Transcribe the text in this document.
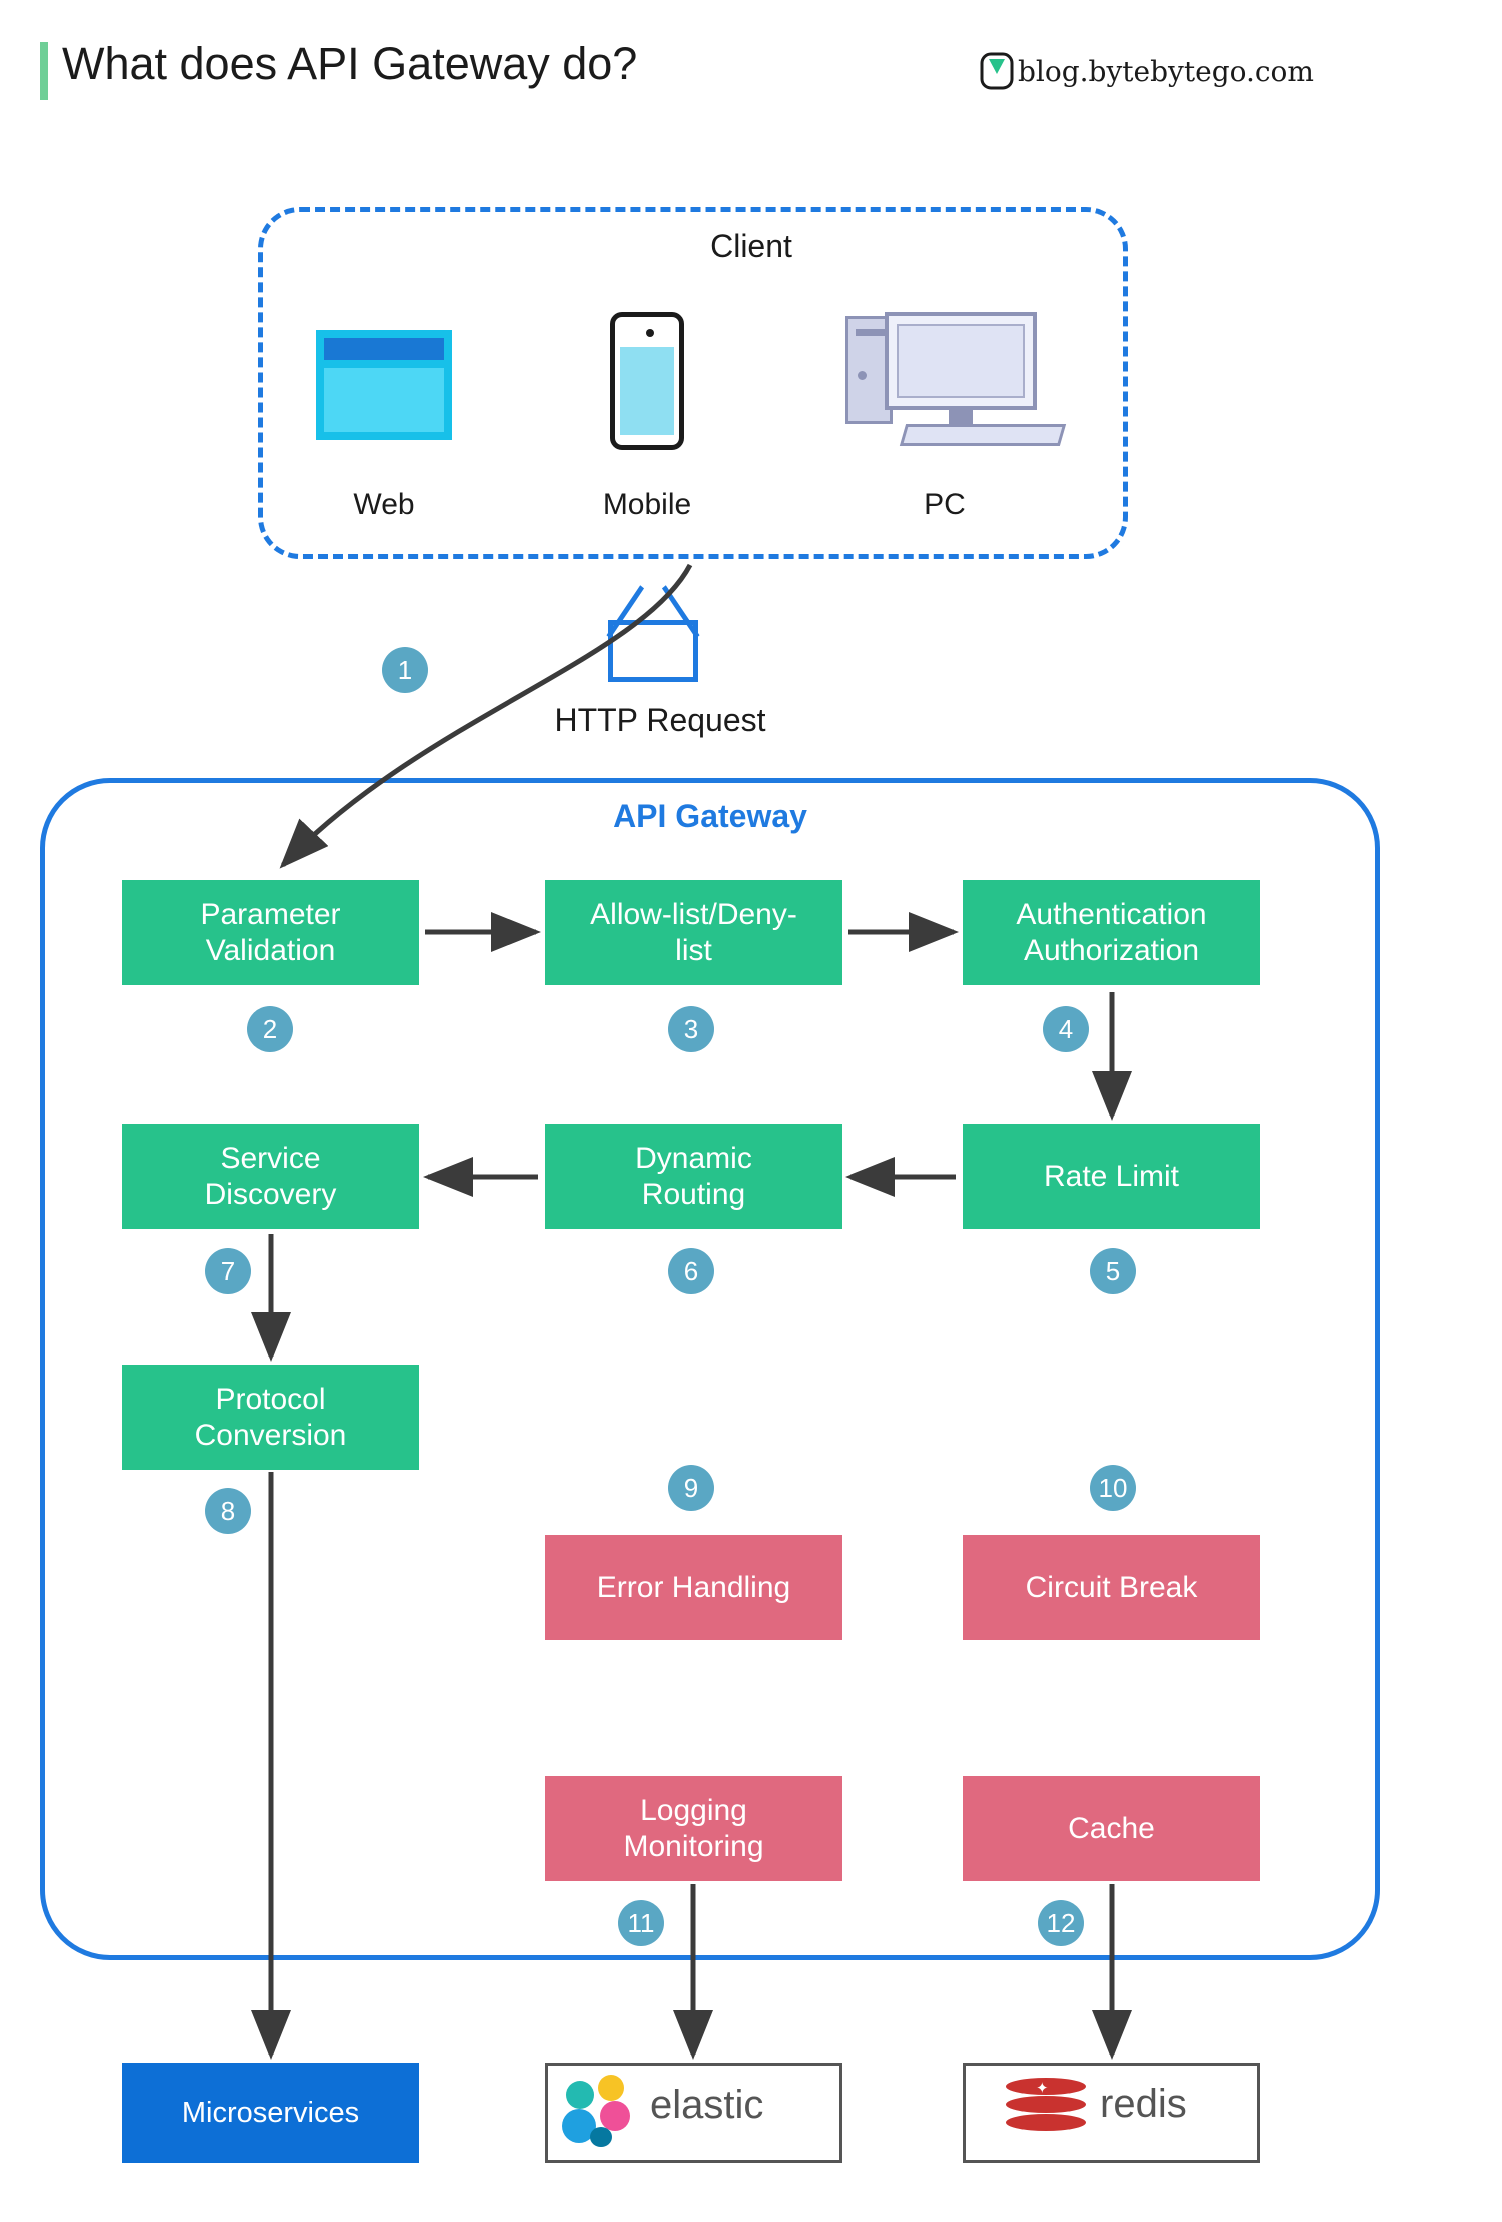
What does API Gateway do?	blog.bytebytego.com
Client
Web	Mobile	PC
HTTP Request
1
API Gateway
Parameter
Validation
2
Allow-list/Deny-
list
3
Authentication
Authorization
4
Service
Discovery
7
Dynamic
Routing
6
Rate Limit
5
Protocol
Conversion
8
9
Error Handling
10
Circuit Break
Logging
Monitoring
11
Cache
12
Microservices	elastic	✦ redis
